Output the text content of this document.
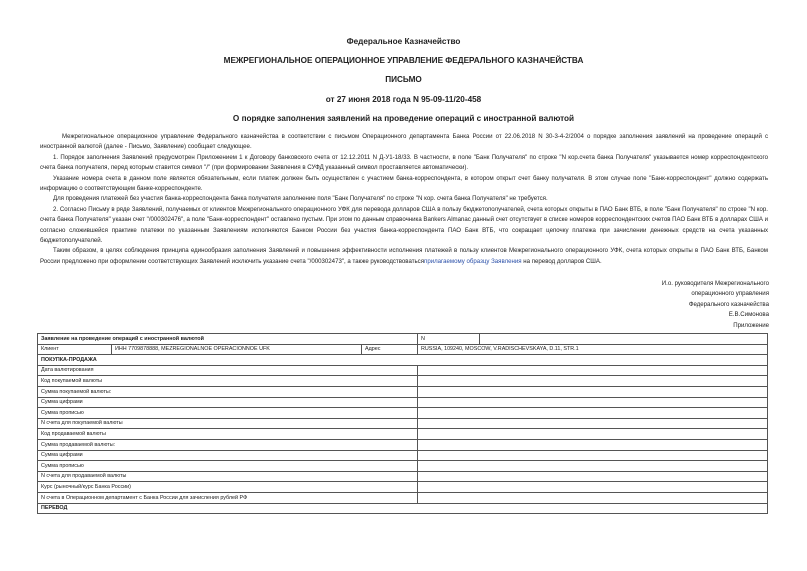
Федеральное Казначейство
МЕЖРЕГИОНАЛЬНОЕ ОПЕРАЦИОННОЕ УПРАВЛЕНИЕ ФЕДЕРАЛЬНОГО КАЗНАЧЕЙСТВА
ПИСЬМО
от 27 июня 2018 года N 95-09-11/20-458
О порядке заполнения заявлений на проведение операций с иностранной валютой

Межрегиональное операционное управление Федерального казначейства в соответствии с письмом Операционного департамента Банка России от 22.06.2018 N 30-3-4-2/2004 о порядке заполнения заявлений на проведение операций с иностранной валютой (далее - Письмо, Заявление) сообщает следующее.

1. Порядок заполнения Заявлений предусмотрен Приложением 1 к Договору банковского счета от 12.12.2011 N Д-У1-18/33. В частности, в поле "Банк Получателя" по строке "N кор.счета банка Получателя" указывается номер корреспондентского счета банка получателя, перед которым ставится символ "/" (при формировании Заявления в СУФД указанный символ проставляется автоматически).

Указание номера счета в данном поле является обязательным, если платеж должен быть осуществлен с участием банка-корреспондента, в котором открыт счет банку получателя. В этом случае поле "Банк-корреспондент" должно содержать информацию о соответствующем банке-корреспонденте.

Для проведения платежей без участия банка-корреспондента банка получателя заполнение поля "Банк Получателя" по строке "N кор. счета банка Получателя" не требуется.

2. Согласно Письму в ряде Заявлений, получаемых от клиентов Межрегионального операционного УФК для перевода долларов США в пользу бюджетополучателей, счета которых открыты в ПАО Банк ВТБ, в поле "Банк Получателя" по строке "N кор. счета банка Получателя" указан счет "/000302476", а поле "Банк-корреспондент" оставлено пустым. При этом по данным справочника Bankers Almanac данный счет отсутствует в списке номеров корреспондентских счетов ПАО Банк ВТБ в долларах США и согласно сложившейся практике платежи по указанным Заявлениям исполняются Банком России без участия банка-корреспондента ПАО Банк ВТБ, что сокращает цепочку платежа при зачислении денежных средств на счета указанных бюджетополучателей.

Таким образом, в целях соблюдения принципа единообразия заполнения Заявлений и повышения эффективности исполнения платежей в пользу клиентов Межрегионального операционного УФК, счета которых открыты в ПАО Банк ВТБ, Банком России предложено при оформлении соответствующих Заявлений исключить указание счета "/000302473", а также руководствоватьсяприлагаемому образцу Заявления на перевод долларов США.

И.о. руководителя Межрегионального
операционного управления
Федерального казначейства
Е.В.Симонова
Приложение
Заявление на проведение операций с иностранной валютой			N	
Клиент	ИНН 7709878888, MEZREGIONALNOE OPERACIONNOE UFK	Адрес	RUSSIA, 109240, MOSCOW, V.RADISCHEVSKAYA, D.11, STR.1	
ПОКУПКА-ПРОДАЖА				
Дата валютирования				
Код покупаемой валюты				
Сумма покупаемой валюты:				
Сумма цифрами				
Сумма прописью				
N счета для покупаемой валюты				
Код продаваемой валюты				
Сумма продаваемой валюты:				
Сумма цифрами				
Сумма прописью				
N счета для продаваемой валюты				
Курс (рыночный/курс Банка России)				
N счета в Операционном департамент с Банка России для зачисления рублей РФ				
ПЕРЕВОД				
